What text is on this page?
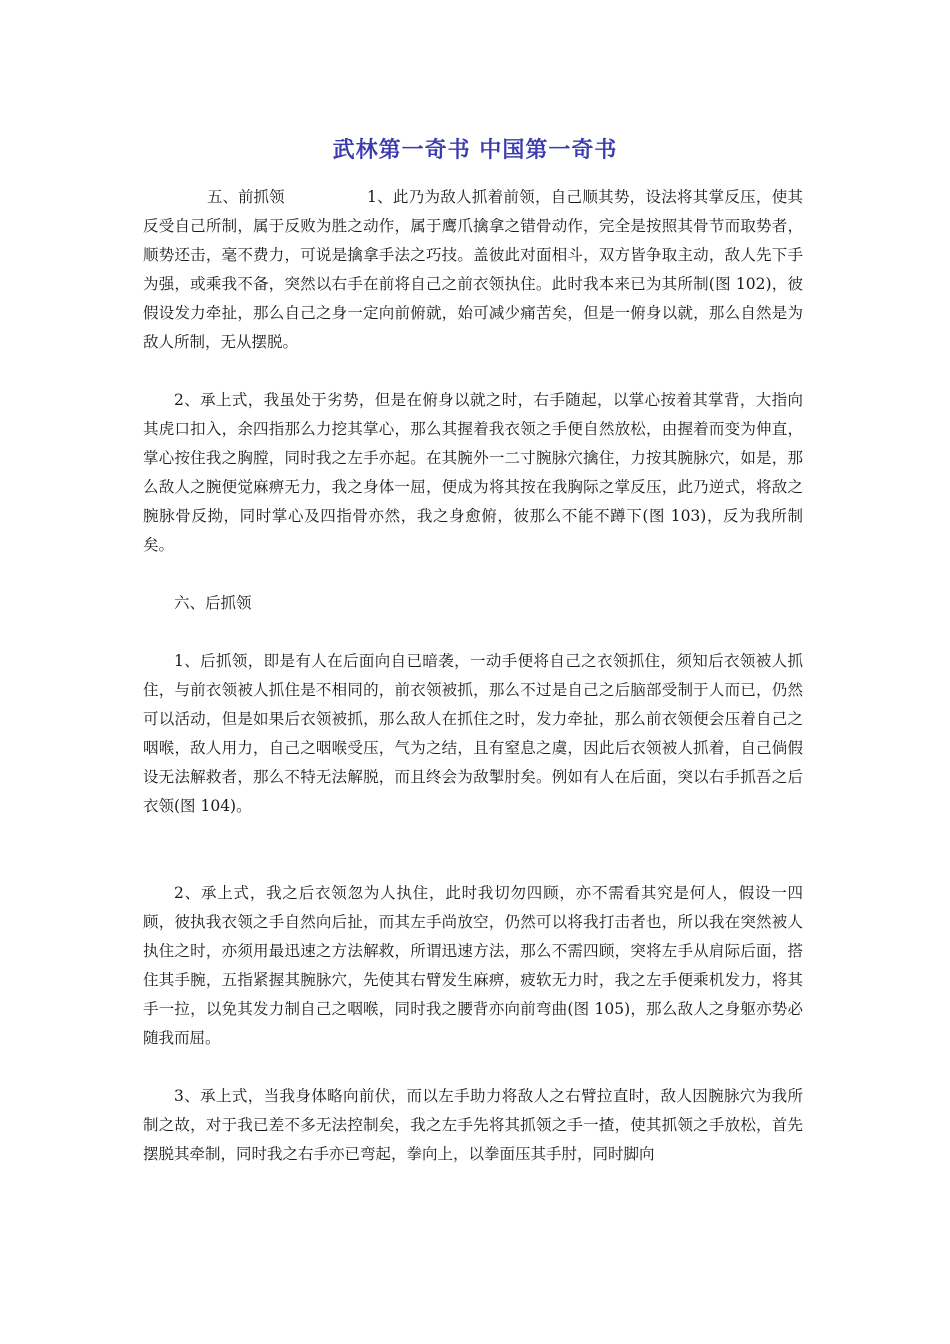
武林第一奇书 中国第一奇书

五、前抓领	1、此乃为敌人抓着前领，自己顺其势，设法将其掌反压，使其反受自己所制，属于反败为胜之动作，属于鹰爪擒拿之错骨动作，完全是按照其骨节而取势者，顺势还击，毫不费力，可说是擒拿手法之巧技。盖彼此对面相斗，双方皆争取主动，敌人先下手为强，或乘我不备，突然以右手在前将自己之前衣领执住。此时我本来已为其所制(图 102)，彼假设发力牵扯，那么自己之身一定向前俯就，始可减少痛苦矣，但是一俯身以就，那么自然是为敌人所制，无从摆脱。

2、承上式，我虽处于劣势，但是在俯身以就之时，右手随起，以掌心按着其掌背，大指向其虎口扣入，余四指那么力挖其掌心，那么其握着我衣领之手便自然放松，由握着而变为伸直，掌心按住我之胸膛，同时我之左手亦起。在其腕外一二寸腕脉穴擒住，力按其腕脉穴，如是，那么敌人之腕便觉麻痹无力，我之身体一屈，便成为将其按在我胸际之掌反压，此乃逆式，将敌之腕脉骨反拗，同时掌心及四指骨亦然，我之身愈俯，彼那么不能不蹲下(图 103)，反为我所制矣。

六、后抓领

1、后抓领，即是有人在后面向自已暗袭，一动手便将自己之衣领抓住，须知后衣领被人抓住，与前衣领被人抓住是不相同的，前衣领被抓，那么不过是自己之后脑部受制于人而已，仍然可以活动，但是如果后衣领被抓，那么敌人在抓住之时，发力牵扯，那么前衣领便会压着自己之咽喉，敌人用力，自己之咽喉受压，气为之结，且有窒息之虞，因此后衣领被人抓着，自己倘假设无法解救者，那么不特无法解脱，而且终会为敌掣肘矣。例如有人在后面，突以右手抓吾之后衣领(图 104)。

2、承上式，我之后衣领忽为人执住，此时我切勿四顾，亦不需看其究是何人，假设一四顾，彼执我衣领之手自然向后扯，而其左手尚放空，仍然可以将我打击者也，所以我在突然被人执住之时，亦须用最迅速之方法解救，所谓迅速方法，那么不需四顾，突将左手从肩际后面，搭住其手腕，五指紧握其腕脉穴，先使其右臂发生麻痹，疲软无力时，我之左手便乘机发力，将其手一拉，以免其发力制自己之咽喉，同时我之腰背亦向前弯曲(图 105)，那么敌人之身躯亦势必随我而屈。

3、承上式，当我身体略向前伏，而以左手助力将敌人之右臂拉直时，敌人因腕脉穴为我所制之故，对于我已差不多无法控制矣，我之左手先将其抓领之手一揸，使其抓领之手放松，首先摆脱其牵制，同时我之右手亦已弯起，拳向上，以拳面压其手肘，同时脚向
